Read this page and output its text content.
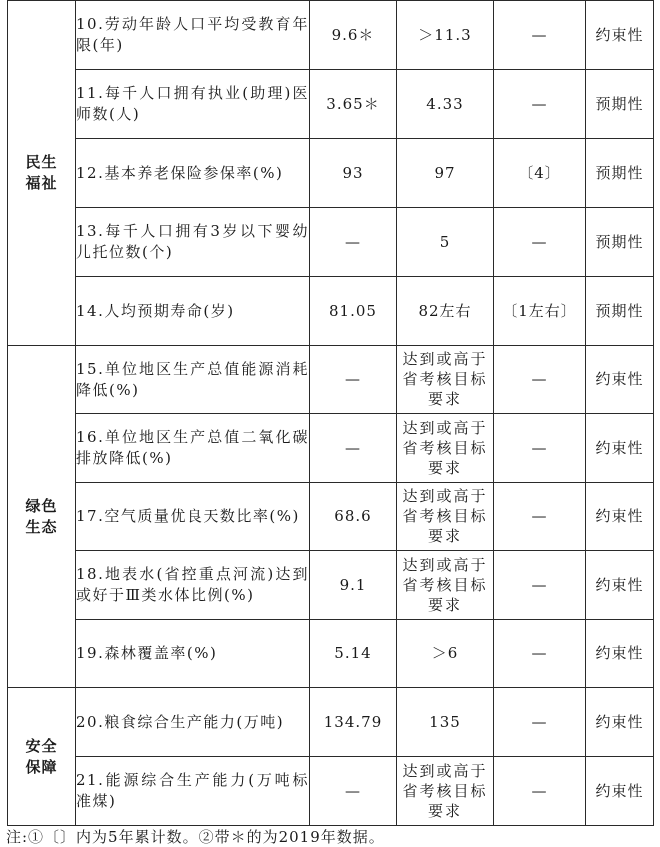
民生福祉	10.劳动年龄人口平均受教育年限(年)	9.6＊	＞11.3	—	约束性
	11.每千人口拥有执业(助理)医师数(人)	3.65＊	4.33	—	预期性
	12.基本养老保险参保率(%)	93	97	〔4〕	预期性
	13.每千人口拥有3岁以下婴幼儿托位数(个)	—	5	—	预期性
	14.人均预期寿命(岁)	81.05	82左右	〔1左右〕	预期性
绿色生态	15.单位地区生产总值能源消耗降低(%)	—	达到或高于省考核目标要求	—	约束性
	16.单位地区生产总值二氧化碳排放降低(%)	—	达到或高于省考核目标要求	—	约束性
	17.空气质量优良天数比率(%)	68.6	达到或高于省考核目标要求	—	约束性
	18.地表水(省控重点河流)达到或好于Ⅲ类水体比例(%)	9.1	达到或高于省考核目标要求	—	约束性
	19.森林覆盖率(%)	5.14	＞6	—	约束性
安全保障	20.粮食综合生产能力(万吨)	134.79	135	—	约束性
	21.能源综合生产能力(万吨标准煤)	—	达到或高于省考核目标要求	—	约束性
注:①〔〕内为5年累计数。②带＊的为2019年数据。
